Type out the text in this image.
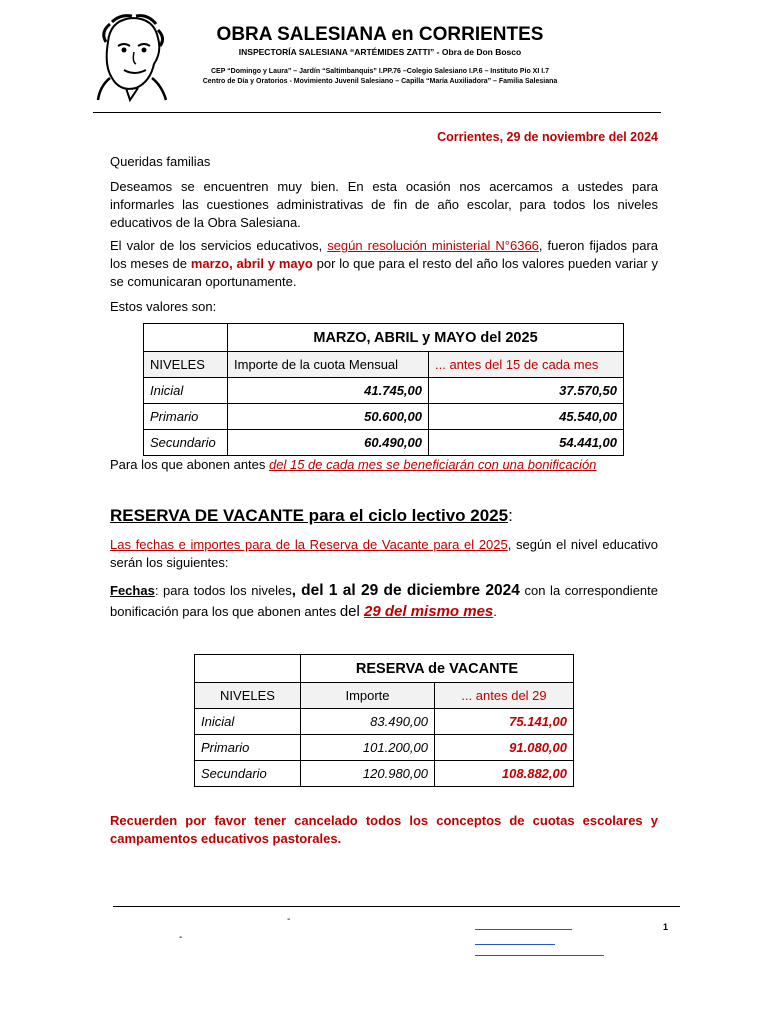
OBRA SALESIANA en CORRIENTES
INSPECTORÍA SALESIANA “ARTÉMIDES ZATTI” - Obra de Don Bosco
CEP “Domingo y Laura” – Jardín “Saltimbanquis” I.PP.76 –Colegio Salesiano I.P.6 – Instituto Pío XI I.7
Centro de Día y Oratorios - Movimiento Juvenil Salesiano – Capilla “María Auxiliadora” – Familia Salesiana
Corrientes, 29 de noviembre del 2024
Queridas familias
Deseamos se encuentren muy bien. En esta ocasión nos acercamos a ustedes para informarles las cuestiones administrativas de fin de año escolar, para todos los niveles educativos de la Obra Salesiana.
El valor de los servicios educativos, según resolución ministerial N°6366, fueron fijados para los meses de marzo, abril y mayo por lo que para el resto del año los valores pueden variar y se comunicaran oportunamente.
Estos valores son:
	MARZO, ABRIL y MAYO del 2025	
NIVELES	Importe de la cuota Mensual	... antes del 15 de cada mes
Inicial	41.745,00	37.570,50
Primario	50.600,00	45.540,00
Secundario	60.490,00	54.441,00
Para los que abonen antes del 15 de cada mes se beneficiarán con una bonificación
RESERVA DE VACANTE para el ciclo lectivo 2025:
Las fechas e importes para de la Reserva de Vacante para el 2025, según el nivel educativo serán los siguientes:
Fechas: para todos los niveles, del 1 al 29 de diciembre 2024 con la correspondiente bonificación para los que abonen antes del 29 del mismo mes.
	RESERVA de VACANTE	
NIVELES	Importe	... antes del 29
Inicial	83.490,00	75.141,00
Primario	101.200,00	91.080,00
Secundario	120.980,00	108.882,00
Recuerden por favor tener cancelado todos los conceptos de cuotas escolares y campamentos educativos pastorales.
-
-
1
